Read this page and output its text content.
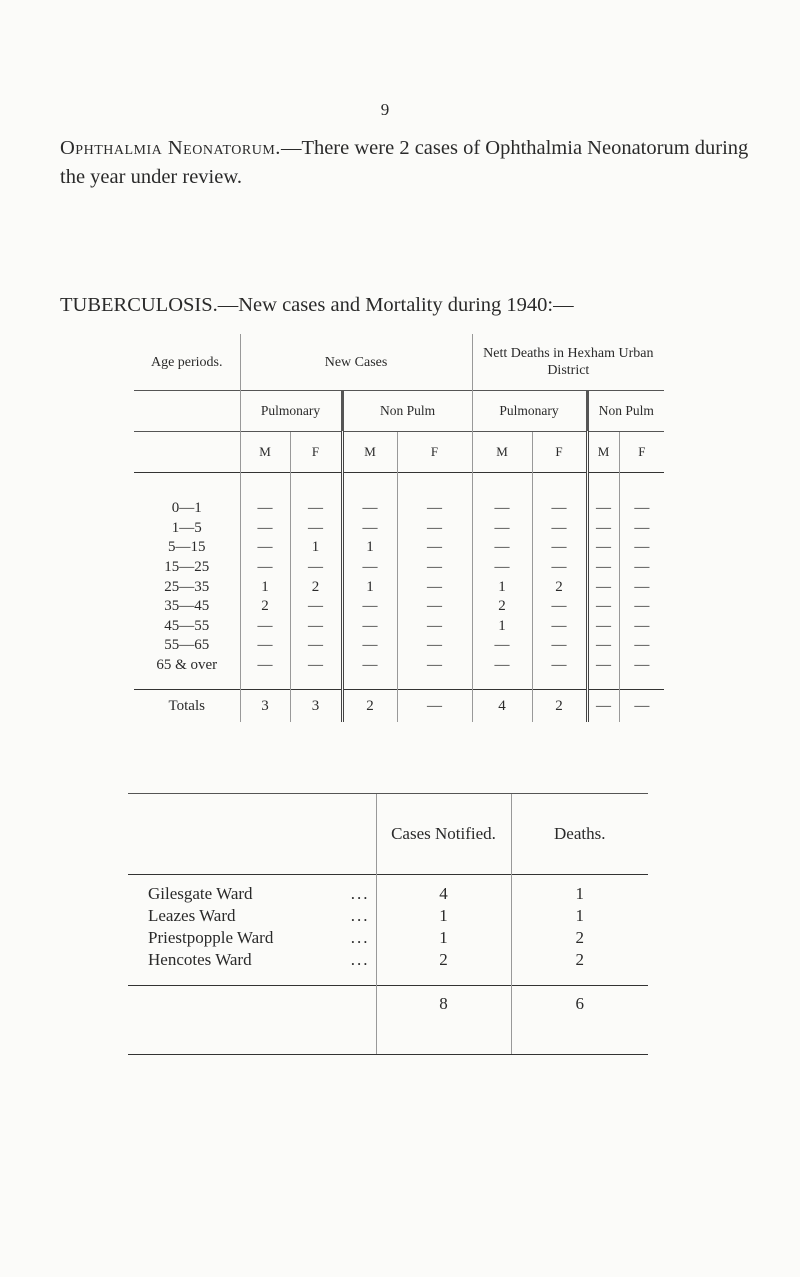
9
Ophthalmia Neonatorum.—There were 2 cases of Ophthalmia Neonatorum during the year under review.
TUBERCULOSIS.—New cases and Mortality during 1940:—
Age periods.	New Cases				Nett Deaths in Hexham Urban District			
	Pulmonary		Non Pulm		Pulmonary		Non Pulm	
	M	F	M	F	M	F	M	F

0—1	—	—	—	—	—	—	—	—
1—5	—	—	—	—	—	—	—	—
5—15	—	1	1	—	—	—	—	—
15—25	—	—	—	—	—	—	—	—
25—35	1	2	1	—	1	2	—	—
35—45	2	—	—	—	2	—	—	—
45—55	—	—	—	—	1	—	—	—
55—65	—	—	—	—	—	—	—	—
65 & over	—	—	—	—	—	—	—	—

Totals	3	3	2	—	4	2	—	—
	Cases Notified.	Deaths.
Gilesgate Ward ...	4	1
Leazes Ward ...	1	1
Priestpopple Ward ...	1	2
Hencotes Ward ...	2	2

	8	6
